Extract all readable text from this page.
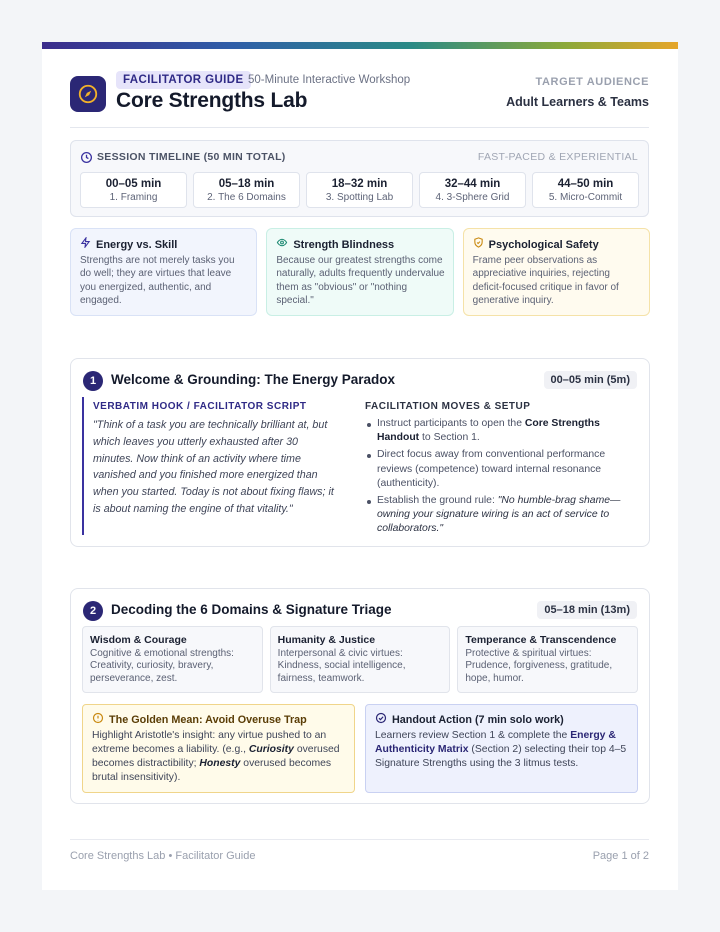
FACILITATOR GUIDE 50-Minute Interactive Workshop
Core Strengths Lab
TARGET AUDIENCE
Adult Learners & Teams
SESSION TIMELINE (50 MIN TOTAL)	FAST-PACED & EXPERIENTIAL
00–05 min
1. Framing
05–18 min
2. The 6 Domains
18–32 min
3. Spotting Lab
32–44 min
4. 3-Sphere Grid
44–50 min
5. Micro-Commit
Energy vs. Skill
Strengths are not merely tasks you do well; they are virtues that leave you energized, authentic, and engaged.
Strength Blindness
Because our greatest strengths come naturally, adults frequently undervalue them as "obvious" or "nothing special."
Psychological Safety
Frame peer observations as appreciative inquiries, rejecting deficit-focused critique in favor of generative inquiry.
1	Welcome & Grounding: The Energy Paradox	00–05 min (5m)
VERBATIM HOOK / FACILITATOR SCRIPT

"Think of a task you are technically brilliant at, but which leaves you utterly exhausted after 30 minutes. Now think of an activity where time vanished and you finished more energized than when you started. Today is not about fixing flaws; it is about naming the engine of that vitality."

FACILITATION MOVES & SETUP
Instruct participants to open the Core Strengths Handout to Section 1.
Direct focus away from conventional performance reviews (competence) toward internal resonance (authenticity).
Establish the ground rule: "No humble-brag shame—owning your signature wiring is an act of service to collaborators."
2	Decoding the 6 Domains & Signature Triage	05–18 min (13m)
Wisdom & Courage
Cognitive & emotional strengths: Creativity, curiosity, bravery, perseverance, zest.
Humanity & Justice
Interpersonal & civic virtues: Kindness, social intelligence, fairness, teamwork.
Temperance & Transcendence
Protective & spiritual virtues: Prudence, forgiveness, gratitude, hope, humor.
The Golden Mean: Avoid Overuse Trap
Highlight Aristotle's insight: any virtue pushed to an extreme becomes a liability. (e.g., Curiosity overused becomes distractibility; Honesty overused becomes brutal insensitivity).
Handout Action (7 min solo work)
Learners review Section 1 & complete the Energy & Authenticity Matrix (Section 2) selecting their top 4–5 Signature Strengths using the 3 litmus tests.
Core Strengths Lab • Facilitator Guide	Page 1 of 2
